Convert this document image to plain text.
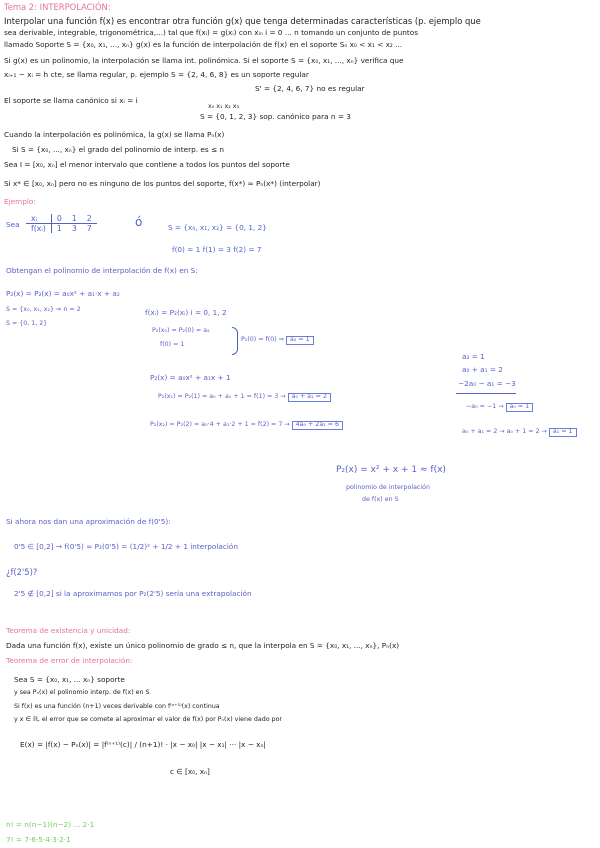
Tema 2: INTERPOLACIÓN:
Interpolar una función f(x) es encontrar otra función g(x) que tenga determinadas características (p. ejemplo que
sea derivable, integrable, trigonométrica,...) tal que f(xᵢ) = g(xᵢ) con xᵢₙ i = 0 ... n tomando un conjunto de puntos
llamado Soporte S = {x₀, x₁, ..., xₙ} g(x) es la función de interpolación de f(x) en el soporte Sₙ x₀ < x₁ < x₂ ...
Si g(x) es un polinomio, la interpolación se llama int. polinómica. Si el soporte S = {x₀, x₁, ..., xₙ} verifica que
xᵢ₊₁ − xᵢ = h cte, se llama regular, p. ejemplo S = {2, 4, 6, 8} es un soporte regular
S' = {2, 4, 6, 7} no es regular
El soporte se llama canónico si xᵢ = i
x₀ x₁ x₂ x₃
S = {0, 1, 2, 3} sop. canónico para n = 3
Cuando la interpolación es polinómica, la g(x) se llama Pₙ(x)
Si S = {x₀, ..., xₙ} el grado del polinomio de interp. es ≤ n
Sea I = [x₀, xₙ] el menor intervalo que contiene a todos los puntos del soporte
Si x* ∈ [x₀, xₙ] pero no es ninguno de los puntos del soporte, f(x*) ≈ Pₙ(x*) (interpolar)
Ejemplo:
Sea
xᵢ	0	1	2
f(xᵢ)	1	3	7	ó	S = {x₀, x₁, x₂} = {0, 1, 2}
f(0) = 1 f(1) = 3 f(2) = 7
Obtengan el polinomio de interpolación de f(x) en S:
P₂(x) = P₂(x) = a₀x² + a₁·x + a₂
S = {x₀, x₁, x₂} ⇒ n = 2
S = {0, 1, 2}
f(xᵢ) = P₂(xᵢ) i = 0, 1, 2
P₂(x₀) = P₂(0) = a₂
f(0) = 1
P₂(0) = f(0) ⇒ a₂ = 1
P₂(x) = a₀x² + a₁x + 1
P₂(x₁) = P₂(1) = a₀ + a₁ + 1 = f(1) = 3 → a₀ + a₁ = 2
P₂(x₂) = P₂(2) = a₀·4 + a₁·2 + 1 = f(2) = 7 → 4a₀ + 2a₁ = 6
a₂ = 1
a₀ + a₁ = 2
−2a₀ − a₁ = −3
−a₀ = −1 → a₀ = 1
a₀ + a₁ = 2 → a₀ + 1 = 2 → a₁ = 1
P₂(x) = x² + x + 1 ≈ f(x)
polinomio de interpolación
de f(x) en S
Si ahora nos dan una aproximación de f(0'5):
0'5 ∈ [0,2] → f(0'5) ≈ P₂(0'5) = (1/2)² + 1/2 + 1 interpolación
¿f(2'5)?
2'5 ∉ [0,2] si la aproximamos por P₂(2'5) sería una extrapolación
Teorema de existencia y unicidad:
Dada una función f(x), existe un único polinomio de grado ≤ n, que la interpola en S = {x₀, x₁, ..., xₙ}, Pₙ(x)
Teorema de error de interpolación:
Sea S = {x₀, x₁, ... xₙ} soporte
y sea Pₙ(x) el polinomio interp. de f(x) en S
Si f(x) es una función (n+1) veces derivable con f⁽ⁿ⁺¹⁾(x) continua
y x ∈ ℝ, el error que se comete al aproximar el valor de f(x) por Pₙ(x) viene dado por
E(x) = |f(x) − Pₙ(x)| = |f⁽ⁿ⁺¹⁾(c)| / (n+1)! · |x − x₀| |x − x₁| ··· |x − xₙ|
c ∈ [x₀, xₙ]
n! = n(n−1)(n−2) ... 2·1
7! = 7·6·5·4·3·2·1
